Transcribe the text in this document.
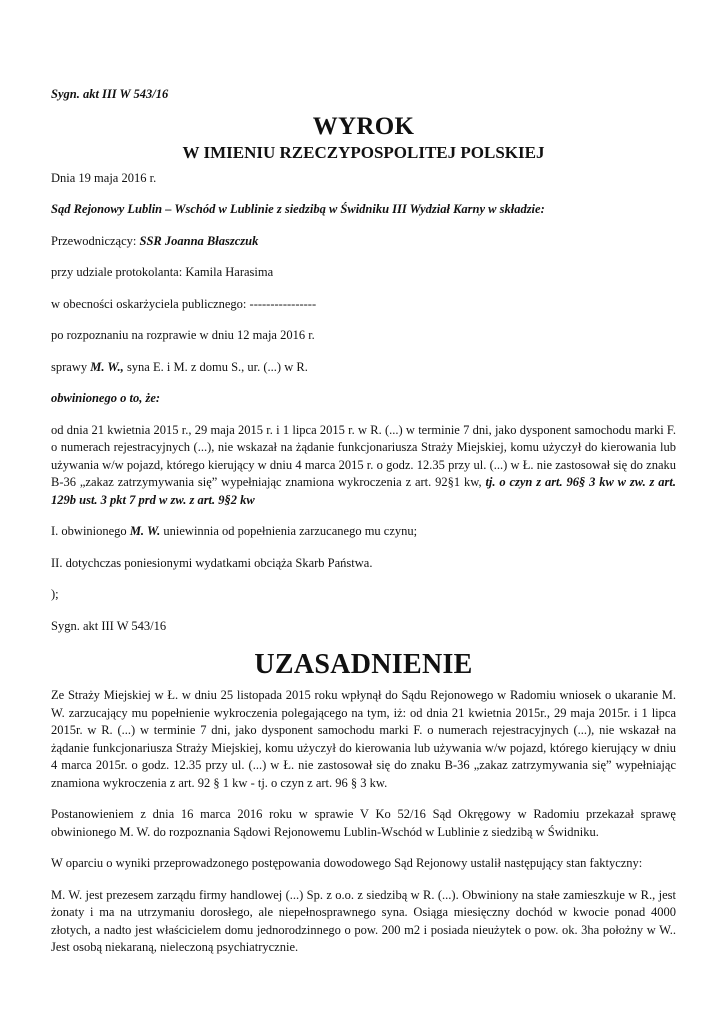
Sygn. akt III W 543/16

WYROK
W IMIENIU RZECZYPOSPOLITEJ POLSKIEJ

Dnia 19 maja 2016 r.

Sąd Rejonowy Lublin – Wschód w Lublinie z siedzibą w Świdniku III Wydział Karny w składzie:

Przewodniczący: SSR Joanna Błaszczuk

przy udziale protokolanta: Kamila Harasima

w obecności oskarżyciela publicznego: ----------------

po rozpoznaniu na rozprawie w dniu 12 maja 2016 r.

sprawy M. W., syna E. i M. z domu S., ur. (...) w R.

obwinionego o to, że:

od dnia 21 kwietnia 2015 r., 29 maja 2015 r. i 1 lipca 2015 r. w R. (...) w terminie 7 dni, jako dysponent samochodu marki F. o numerach rejestracyjnych (...), nie wskazał na żądanie funkcjonariusza Straży Miejskiej, komu użyczył do kierowania lub używania w/w pojazd, którego kierujący w dniu 4 marca 2015 r. o godz. 12.35 przy ul. (...) w Ł. nie zastosował się do znaku B-36 „zakaz zatrzymywania się” wypełniając znamiona wykroczenia z art. 92§1 kw, tj. o czyn z art. 96§ 3 kw w zw. z art. 129b ust. 3 pkt 7 prd w zw. z art. 9§2 kw

I. obwinionego M. W. uniewinnia od popełnienia zarzucanego mu czynu;

II. dotychczas poniesionymi wydatkami obciąża Skarb Państwa.

);

Sygn. akt III W 543/16

UZASADNIENIE

Ze Straży Miejskiej w Ł. w dniu 25 listopada 2015 roku wpłynął do Sądu Rejonowego w Radomiu wniosek o ukaranie M. W. zarzucający mu popełnienie wykroczenia polegającego na tym, iż: od dnia 21 kwietnia 2015r., 29 maja 2015r. i 1 lipca 2015r. w R. (...) w terminie 7 dni, jako dysponent samochodu marki F. o numerach rejestracyjnych (...), nie wskazał na żądanie funkcjonariusza Straży Miejskiej, komu użyczył do kierowania lub używania w/w pojazd, którego kierujący w dniu 4 marca 2015r. o godz. 12.35 przy ul. (...) w Ł. nie zastosował się do znaku B-36 „zakaz zatrzymywania się” wypełniając znamiona wykroczenia z art. 92 § 1 kw - tj. o czyn z art. 96 § 3 kw.

Postanowieniem z dnia 16 marca 2016 roku w sprawie V Ko 52/16 Sąd Okręgowy w Radomiu przekazał sprawę obwinionego M. W. do rozpoznania Sądowi Rejonowemu Lublin-Wschód w Lublinie z siedzibą w Świdniku.

W oparciu o wyniki przeprowadzonego postępowania dowodowego Sąd Rejonowy ustalił następujący stan faktyczny:

M. W. jest prezesem zarządu firmy handlowej (...) Sp. z o.o. z siedzibą w R. (...). Obwiniony na stałe zamieszkuje w R., jest żonaty i ma na utrzymaniu dorosłego, ale niepełnosprawnego syna. Osiąga miesięczny dochód w kwocie ponad 4000 złotych, a nadto jest właścicielem domu jednorodzinnego o pow. 200 m2 i posiada nieużytek o pow. ok. 3ha położny w W.. Jest osobą niekaraną, nieleczoną psychiatrycznie.
